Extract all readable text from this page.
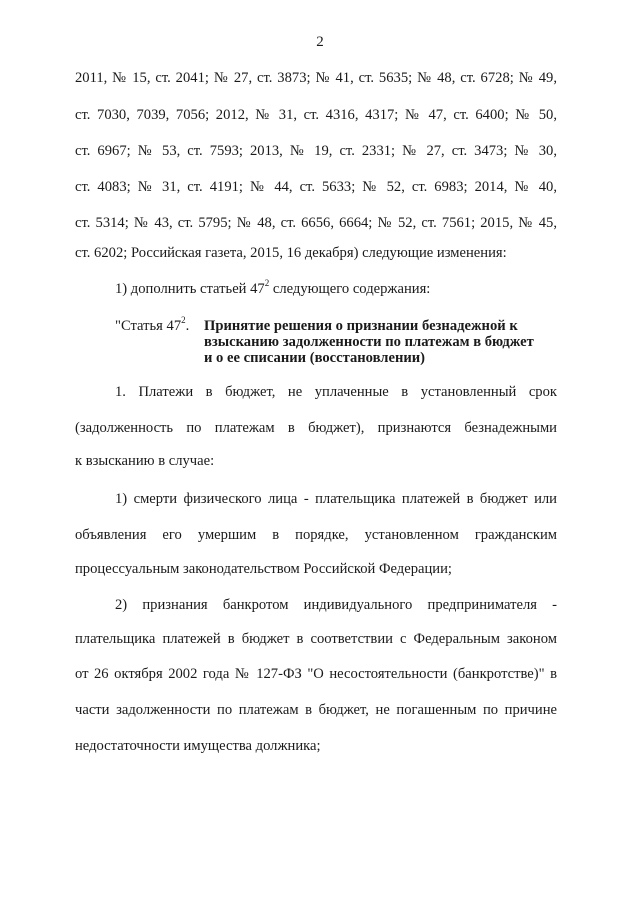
2
2011, № 15, ст. 2041; № 27, ст. 3873; № 41, ст. 5635; № 48, ст. 6728; № 49,
ст. 7030, 7039, 7056; 2012, № 31, ст. 4316, 4317; № 47, ст. 6400; № 50,
ст. 6967; № 53, ст. 7593; 2013, № 19, ст. 2331; № 27, ст. 3473; № 30,
ст. 4083; № 31, ст. 4191; № 44, ст. 5633; № 52, ст. 6983; 2014, № 40,
ст. 5314; № 43, ст. 5795; № 48, ст. 6656, 6664; № 52, ст. 7561; 2015, № 45,
ст. 6202; Российская газета, 2015, 16 декабря) следующие изменения:
1) дополнить статьей $47^2$ следующего содержания:
"Статья $47^2$. Принятие решения о признании безнадежной к
взысканию задолженности по платежам в бюджет
и о ее списании (восстановлении)
1. Платежи в бюджет, не уплаченные в установленный срок
(задолженность по платежам в бюджет), признаются безнадежными
к взысканию в случае:
1) смерти физического лица - плательщика платежей в бюджет или
объявления его умершим в порядке, установленном гражданским
процессуальным законодательством Российской Федерации;
2) признания банкротом индивидуального предпринимателя -
плательщика платежей в бюджет в соответствии с Федеральным законом
от 26 октября 2002 года № 127-ФЗ "О несостоятельности (банкротстве)" в
части задолженности по платежам в бюджет, не погашенным по причине
недостаточности имущества должника;
